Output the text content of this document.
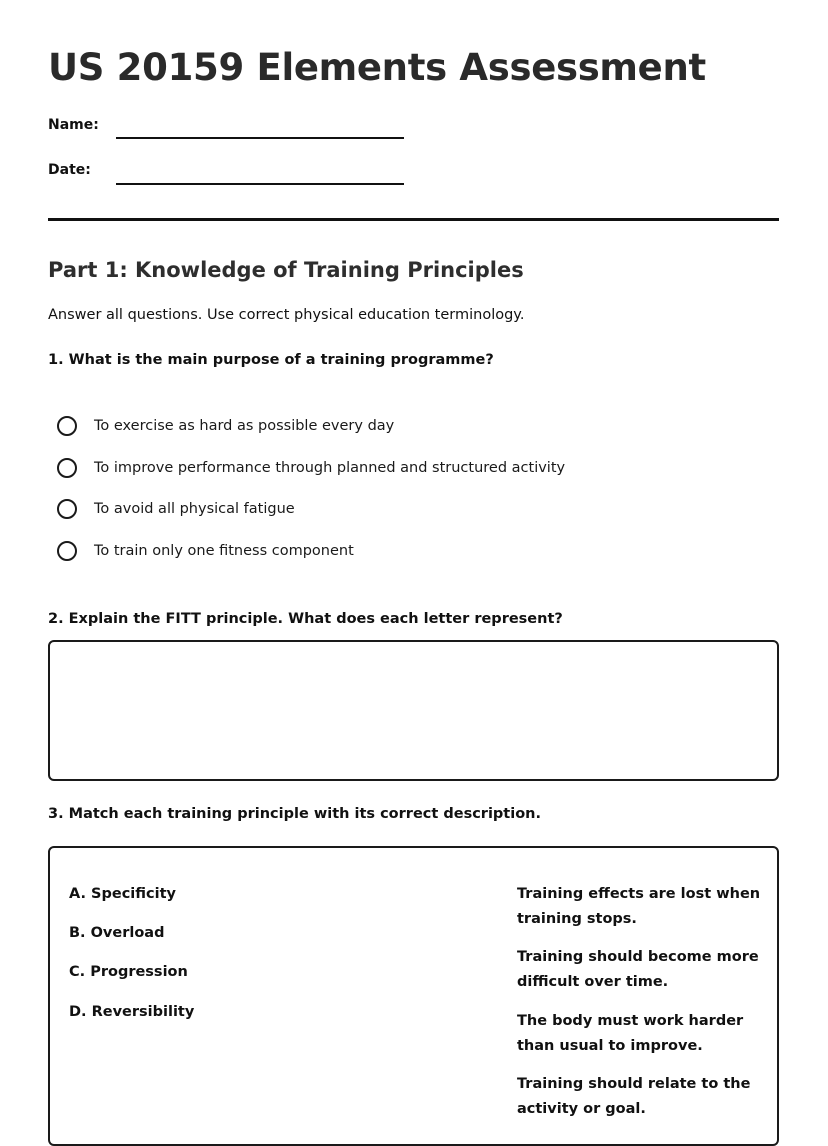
US 20159 Elements Assessment
Name:
Date:
Part 1: Knowledge of Training Principles
Answer all questions. Use correct physical education terminology.
1. What is the main purpose of a training programme?
To exercise as hard as possible every day
To improve performance through planned and structured activity
To avoid all physical fatigue
To train only one fitness component
2. Explain the FITT principle. What does each letter represent?
3. Match each training principle with its correct description.
A. Specificity
B. Overload
C. Progression
D. Reversibility
Training effects are lost when training stops.
Training should become more difficult over time.
The body must work harder than usual to improve.
Training should relate to the activity or goal.
